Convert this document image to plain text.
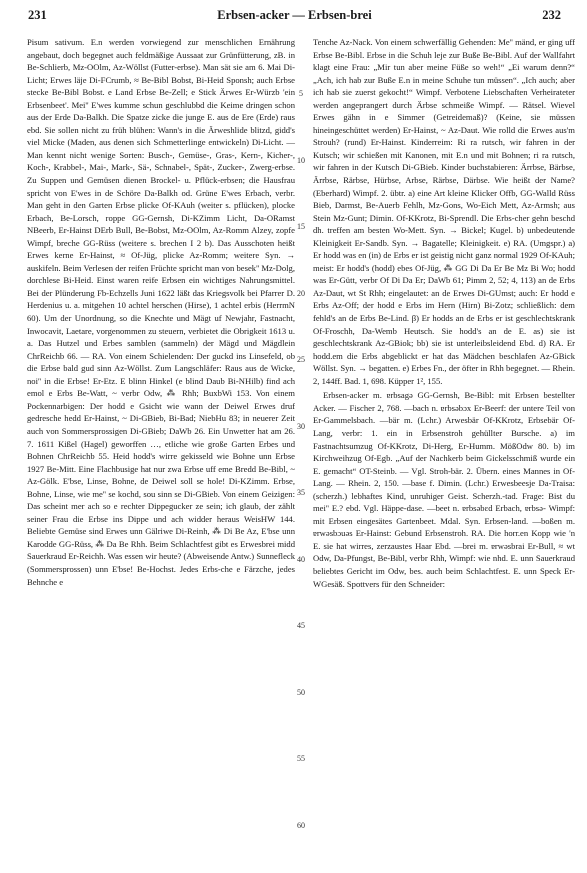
231	Erbsen-acker — Erbsen-brei	232

Pisum sativum. E.n werden vorwiegend zur menschlichen Ernährung angebaut, doch begegnet auch feldmäßige Aussaat zur Grünfütterung, zB. in Be-Schlierb, Mz-OOlm, Az-Wöllst (Futter-erbse). Man sät sie am 6. Mai Di-Licht; Erwes läje Di-FCrumb, ≈ Be-Bibl Bobst, Bi-Heid Sponsh; auch Erbse stecke Be-Bibl Bobst. e Land Erbse Be-Zell; e Stick Ärwes Er-Würzb 'ein Erbsenbeet'. Mei'' E'wes kumme schun geschlubbd die Keime dringen schon aus der Erde Da-Balkh. Die Spatze zicke die junge E. aus de Ere (Erde) raus ebd. Sie sollen nicht zu früh blühen: Wann's in die Ärweshlide blitzd, gidd's viel Micke (Maden, aus denen sich Schmetterlinge entwickeln) Di-Licht. — Man kennt nicht wenige Sorten: Busch-, Gemüse-, Gras-, Kern-, Kicher-, Koch-, Krabbel-, Mai-, Mark-, Sä-, Schnabel-, Spät-, Zucker-, Zwerg-erbse. Zu Suppen und Gemüsen dienen Brockel- u. Pflück-erbsen; die Hausfrau spricht von E'wes in de Schöre Da-Balkh od. Grüne E'wes Erbach, verbr. Man geht in den Garten Erbse plicke Of-KAuh (weiter s. pflücken), plocke Erbach, Be-Lorsch, roppe GG-Gernsh, Di-KZimm Licht, Da-ORamst NBeerb, Er-Hainst DErb Bull, Be-Bobst, Mz-OOlm, Az-Romm Alzey, zopfe Wimpf, breche GG-Rüss (weitere s. brechen I 2 b). Das Ausschoten heißt Erwes kerne Er-Hainst, ≈ Of-Jüg, plicke Az-Romm; weitere Syn. → auskifeln. Beim Verlesen der reifen Früchte spricht man von besek'' Mz-Dolg, dorchlese Bi-Heid. Einst waren reife Erbsen ein wichtiges Nahrungsmittel. Bei der Plünderung Fb-Echzells Juni 1622 läßt das Kriegsvolk bei Pfarrer D. Herdenius u. a. mitgehen 10 achtel herschen (Hirse), 1 achtel erbis (HerrmN 60). Um der Unordnung, so die Knechte und Mägt uf Newjahr, Fastnacht, Inwocavit, Laetare, vorgenommen zu steuern, verbietet die Obrigkeit 1613 u. a. Das Hutzel und Erbes samblen (sammeln) der Mägd und Mägdlein ChrReichb 66. — RA. Von einem Schielenden: Der guckd ins Linsefeld, ob die Erbse bald gud sinn Az-Wöllst. Zum Langschläfer: Raus aus de Wicke, noi'' in die Erbse! Er-Etz. E blinn Hinkel (e blind Daub Bi-NHilb) find ach emol e Erbs Be-Watt, ~ verbr Odw, ⁂ Rhh; BuxbWi 153. Von einem Pockennarbigen: Der hodd e Gsicht wie wann der Deiwel Erwes druf gedresche hedd Er-Hainst, ~ Di-GBieb, Bi-Bad; NiebHu 83; in neuerer Zeit auch von Sommersprossigen Di-GBieb; DaWb 26. Ein Unwetter hat am 26. 7. 1611 Kißel (Hagel) geworffen …, etliche wie große Garten Erbes und Bohnen ChrReichb 55. Heid hodd's wirre gekisseld wie Bohne unn Erbse 1927 Be-Mitt. Eine Flachbusige hat nur zwa Erbse uff eme Bredd Be-Bibl, ~ Az-Gölk. E'bse, Linse, Bohne, de Deiwel soll se hole! Di-KZimm. Erbse, Bohne, Linse, wie me'' se kochd, sou sinn se Di-GBieb. Von einem Geizigen: Das scheint mer ach so e rechter Dippegucker ze sein; ich glaub, der zählt seiner Frau die Erbse ins Dippe und ach widder heraus WeisHW 144. Beliebte Gemüse sind Erwes unn Gälriwe Di-Reinh, ⁂ Di Be Az, E'bse unn Karodde GG-Rüss, ⁂ Da Be Rhh. Beim Schlachtfest gibt es Erwesbrei midd Sauerkraud Er-Reichh. Was essen wir heute? (Abweisende Antw.) Sunnefleck (Sommersprossen) unn E'bse! Be-Hochst. Jedes Erbs-che e Färzche, jedes Behnche e

5
10
15
20
25
30
35
40
45
50
55
60

Tenche Az-Nack. Von einem schwerfällig Gehenden: Me'' mänd, er ging uff Erbse Be-Bibl. Erbse in die Schuh leje zur Buße Be-Bibl. Auf der Wallfahrt klagt eine Frau: „Mir tun aber meine Füße so weh!“ „Ei warum denn?“ „Ach, ich hab zur Buße E.n in meine Schuhe tun müssen“. „Ich auch; aber ich hab sie zuerst gekocht!“ Wimpf. Verbotene Liebschaften Verheirateter werden angeprangert durch Ärbse schmeiße Wimpf. — Rätsel. Wievel Erwes gähn in e Simmer (Getreidemaß)? (Keine, sie müssen hineingeschüttet werden) Er-Hainst, ~ Az-Daut. Wie rolld die Erwes aus'm Strouh? (rund) Er-Hainst. Kinderreim: Ri ra rutsch, wir fahren in der Kutsch; wir schießen mit Kanonen, mit E.n und mit Bohnen; ri ra rutsch, wir fahren in der Kutsch Di-GBieb. Kinder buchstabieren: Ärrbse, Bärbse, Ärrbse, Rärbse, Hürbse, Arbse, Rärbse, Därbse. Wie heißt der Name? (Eberhard) Wimpf. 2. übtr. a) eine Art kleine Klicker Offb, GG-Walld Rüss Bieb, Darmst, Be-Auerb Fehlh, Mz-Gons, Wo-Eich Mett, Az-Armsh; aus Stein Mz-Gunt; Dimin. Of-KKrotz, Bi-Sprendl. Die Erbs-cher gehn beschd dh. treffen am besten Wo-Mett. Syn. → Bickel; Kugel. b) unbedeutende Kleinigkeit Er-Sandb. Syn. → Bagatelle; Kleinigkeit. e) RA. (Umgspr.) a) Er hodd was en (in) de Erbs er ist geistig nicht ganz normal 1929 Of-KAuh; meist: Er hodd's (hodd) ebes Of-Jüg, ⁂ GG Di Da Er Be Mz Bi Wo; hodd was Er-Gütt, verbr Of Di Da Er; DaWb 61; Pimm 2, 52; 4, 113) an de Erbs Az-Daut, wt St Rhh; eingelautet: an de Erwes Di-GUmst; auch: Er hodd e Erbs Az-Off; der hodd e Erbs im Hern (Hirn) Bi-Zotz; schließlich: dem fehld's an de Erbs Be-Lind. β) Er hodds an de Erbs er ist geschlechtskrank Of-Froschh, Da-Wemb Heutsch. Sie hodd's an de E. as) sie ist geschlechtskrank Az-GBiok; bb) sie ist unterleibsleidend Ebd. d) RA. Er hodd.em die Erbs abgeblickt er hat das Mädchen beschlafen Az-GBick Wöllst. Syn. → begatten. e) Erbes Fn., der öfter in Rhh begegnet. — Rhein. 2, 144ff. Bad. 1, 698. Küpper 1², 155.

Erbsen-acker m. ɐrbsagə GG-Gernsh, Be-Bibl: mit Erbsen bestellter Acker. — Fischer 2, 768. —bach n. ɐrbsəbɔx Er-Beerf: der untere Teil von Er-Gammelsbach. —bär m. (Lchr.) Arwesbär Of-KKrotz, Erbsebär Of-Lang, verbr: 1. ein in Erbsenstroh gehüllter Bursche. a) im Fastnachtsumzug Of-KKrotz, Di-Herg, Er-Humm. MößOdw 80. b) im Kirchweihzug Of-Egb. „Auf der Nachkerb beim Gickelsschmiß wurde ein E. gemacht“ OT-Steinb. — Vgl. Stroh-bär. 2. Übern. eines Mannes in Of-Lang. — Rhein. 2, 150. —base f. Dimin. (Lchr.) Erwesbeesje Da-Traisa: (scherzh.) lebhaftes Kind, unruhiger Geist. Scherzh.-tad. Frage: Bist du mei'' E.? ebd. Vgl. Häppe-dase. —beet n. ɐrbsəbɛd Erbach, ɐrbsə- Wimpf: mit Erbsen eingesätes Gartenbeet. Mdal. Syn. Erbsen-land. —boßen m. ɐrwəsbɔuəs Er-Hainst: Gebund Erbsenstroh. RA. Die horr.en Kopp wie 'n E. sie hat wirres, zerzaustes Haar Ebd. —brei m. ɐrwəsbrai Er-Bull, ≈ wt Odw, Da-Pfungst, Be-Bibl, verbr Rhh, Wimpf: wie nhd. E. unn Sauerkraud beliebtes Gericht im Odw, bes. auch beim Schlachtfest. E. unn Speck Er-WGesäß. Spottvers für den Schneider:
